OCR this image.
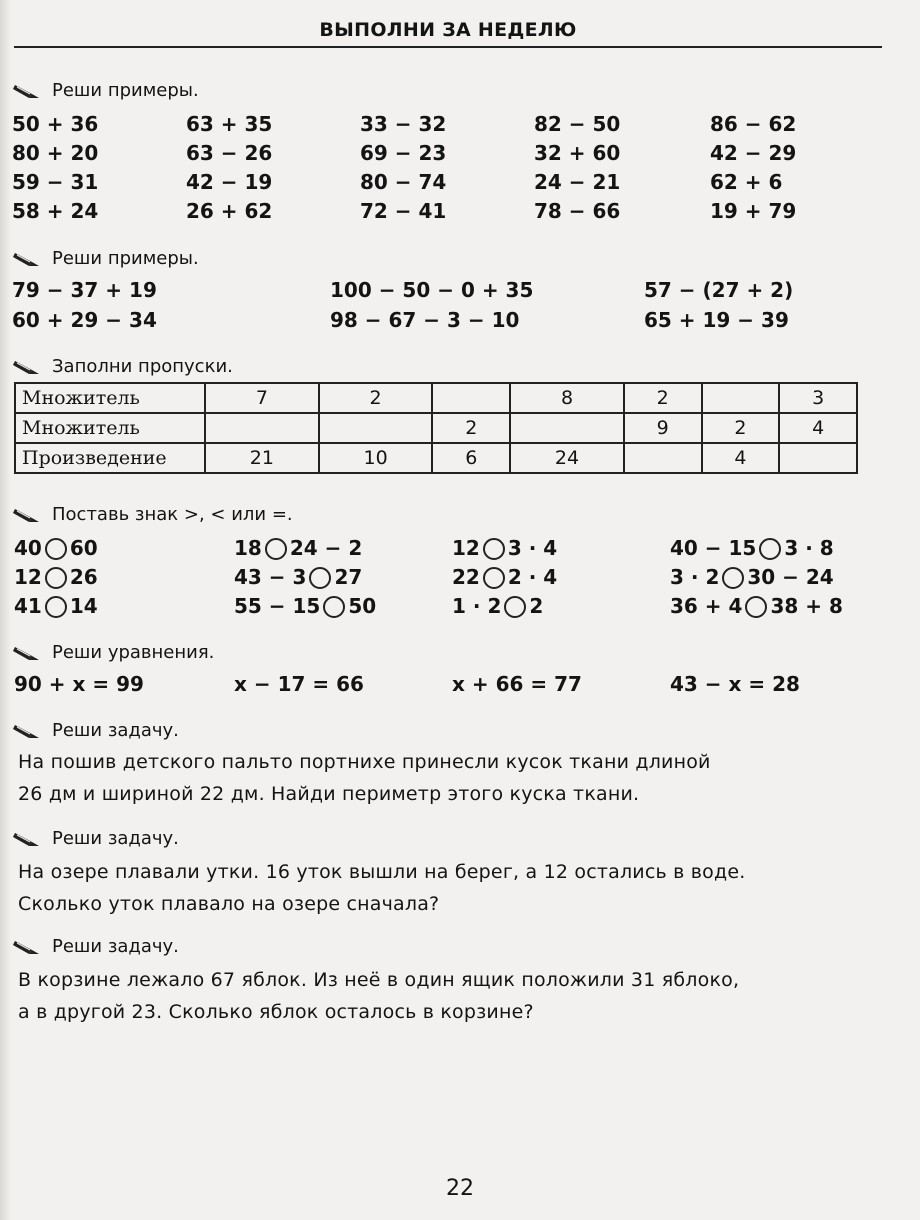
ВЫПОЛНИ ЗА НЕДЕЛЮ
Реши примеры.
50 + 36
80 + 20
59 − 31
58 + 24
63 + 35
63 − 26
42 − 19
26 + 62
33 − 32
69 − 23
80 − 74
72 − 41
82 − 50
32 + 60
24 − 21
78 − 66
86 − 62
42 − 29
62 + 6
19 + 79
Реши примеры.
79 − 37 + 19
60 + 29 − 34
100 − 50 − 0 + 35
98 − 67 − 3 − 10
57 − (27 + 2)
65 + 19 − 39
Заполни пропуски.
Множитель	7	2		8	2		3
Множитель			2		9	2	4
Произведение	21	10	6	24		4	
Поставь знак >, < или =.
40 60
12 26
41 14
18 24 − 2
43 − 3 27
55 − 15 50
12 3 · 4
22 2 · 4
1 · 2 2
40 − 15 3 · 8
3 · 2 30 − 24
36 + 4 38 + 8
Реши уравнения.
90 + x = 99	x − 17 = 66	x + 66 = 77	43 − x = 28
Реши задачу.
На пошив детского пальто портнихе принесли кусок ткани длиной
26 дм и шириной 22 дм. Найди периметр этого куска ткани.
Реши задачу.
На озере плавали утки. 16 уток вышли на берег, а 12 остались в воде.
Сколько уток плавало на озере сначала?
Реши задачу.
В корзине лежало 67 яблок. Из неё в один ящик положили 31 яблоко,
а в другой 23. Сколько яблок осталось в корзине?
22
